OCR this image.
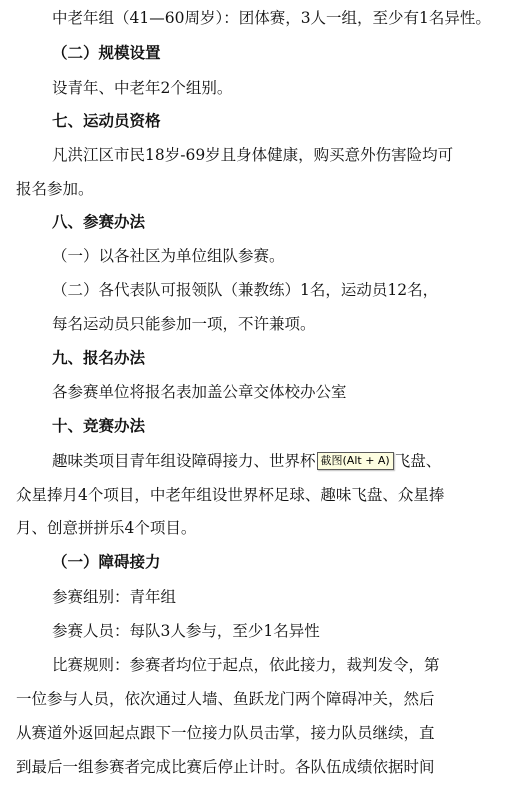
中老年组（41—60周岁）：团体赛，3人一组，至少有1名异性。
（二）规模设置
设青年、中老年2个组别。
七、运动员资格
凡洪江区市民18岁-69岁且身体健康，购买意外伤害险均可
报名参加。
八、参赛办法
（一）以各社区为单位组队参赛。
（二）各代表队可报领队（兼教练）1名，运动员12名，
每名运动员只能参加一项，不许兼项。
九、报名办法
各参赛单位将报名表加盖公章交体校办公室
十、竞赛办法
趣味类项目青年组设障碍接力、世界杯 截图(Alt + A) 飞盘、
众星捧月4个项目，中老年组设世界杯足球、趣味飞盘、众星捧
月、创意拼拼乐4个项目。
（一）障碍接力
参赛组别：青年组
参赛人员：每队3人参与，至少1名异性
比赛规则：参赛者均位于起点，依此接力，裁判发令，第
一位参与人员，依次通过人墙、鱼跃龙门两个障碍冲关，然后
从赛道外返回起点跟下一位接力队员击掌，接力队员继续，直
到最后一组参赛者完成比赛后停止计时。各队伍成绩依据时间
